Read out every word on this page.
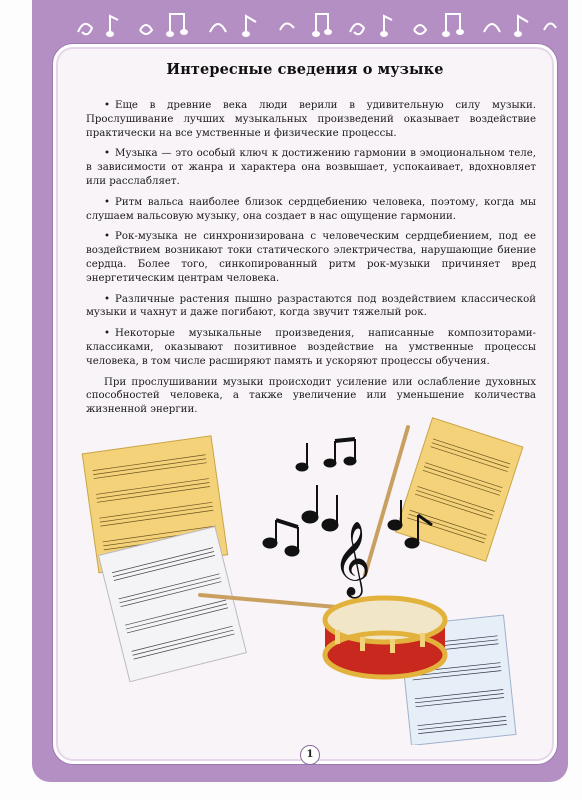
Интересные сведения о музыке

• Еще в древние века люди верили в удивительную силу музыки. Прослушивание лучших музыкальных произведений оказывает воздействие практически на все умственные и физические процессы.

• Музыка — это особый ключ к достижению гармонии в эмоциональном теле, в зависимости от жанра и характера она возвышает, успокаивает, вдохновляет или расслабляет.

• Ритм вальса наиболее близок сердцебиению человека, поэтому, когда мы слушаем вальсовую музыку, она создает в нас ощущение гармонии.

• Рок-музыка не синхронизирована с человеческим сердцебиением, под ее воздействием возникают токи статического электричества, нарушающие биение сердца. Более того, синкопированный ритм рок-музыки причиняет вред энергетическим центрам человека.

• Различные растения пышно разрастаются под воздействием классической музыки и чахнут и даже погибают, когда звучит тяжелый рок.

• Некоторые музыкальные произведения, написанные композиторами-классиками, оказывают позитивное воздействие на умственные процессы человека, в том числе расширяют память и ускоряют процессы обучения.

При прослушивании музыки происходит усиление или ослабление духовных способностей человека, а также увеличение или уменьшение количества жизненной энергии.

𝄞
1
